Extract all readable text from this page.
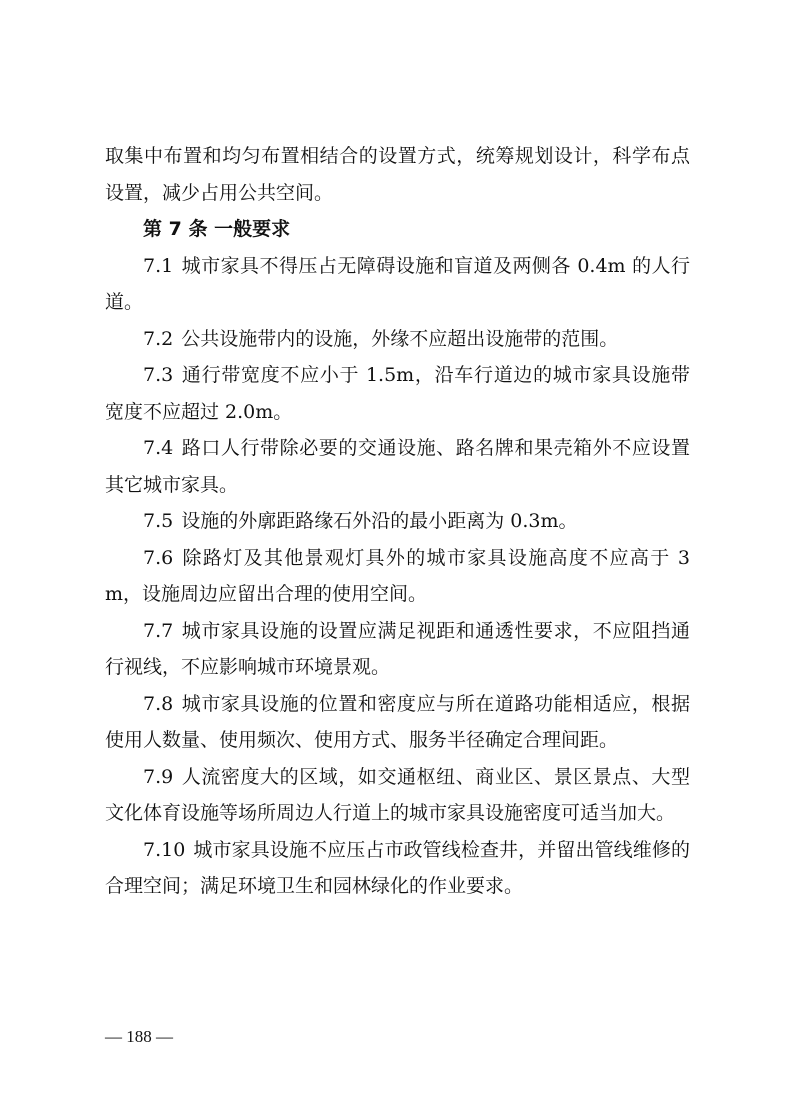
取集中布置和均匀布置相结合的设置方式，统筹规划设计，科学布点设置，减少占用公共空间。

第 7 条 一般要求

7.1 城市家具不得压占无障碍设施和盲道及两侧各 0.4m 的人行道。

7.2 公共设施带内的设施，外缘不应超出设施带的范围。

7.3 通行带宽度不应小于 1.5m，沿车行道边的城市家具设施带宽度不应超过 2.0m。

7.4 路口人行带除必要的交通设施、路名牌和果壳箱外不应设置其它城市家具。

7.5 设施的外廓距路缘石外沿的最小距离为 0.3m。

7.6 除路灯及其他景观灯具外的城市家具设施高度不应高于 3m，设施周边应留出合理的使用空间。

7.7 城市家具设施的设置应满足视距和通透性要求，不应阻挡通行视线，不应影响城市环境景观。

7.8 城市家具设施的位置和密度应与所在道路功能相适应，根据使用人数量、使用频次、使用方式、服务半径确定合理间距。

7.9 人流密度大的区域，如交通枢纽、商业区、景区景点、大型文化体育设施等场所周边人行道上的城市家具设施密度可适当加大。

7.10 城市家具设施不应压占市政管线检查井，并留出管线维修的合理空间；满足环境卫生和园林绿化的作业要求。

— 188 —
